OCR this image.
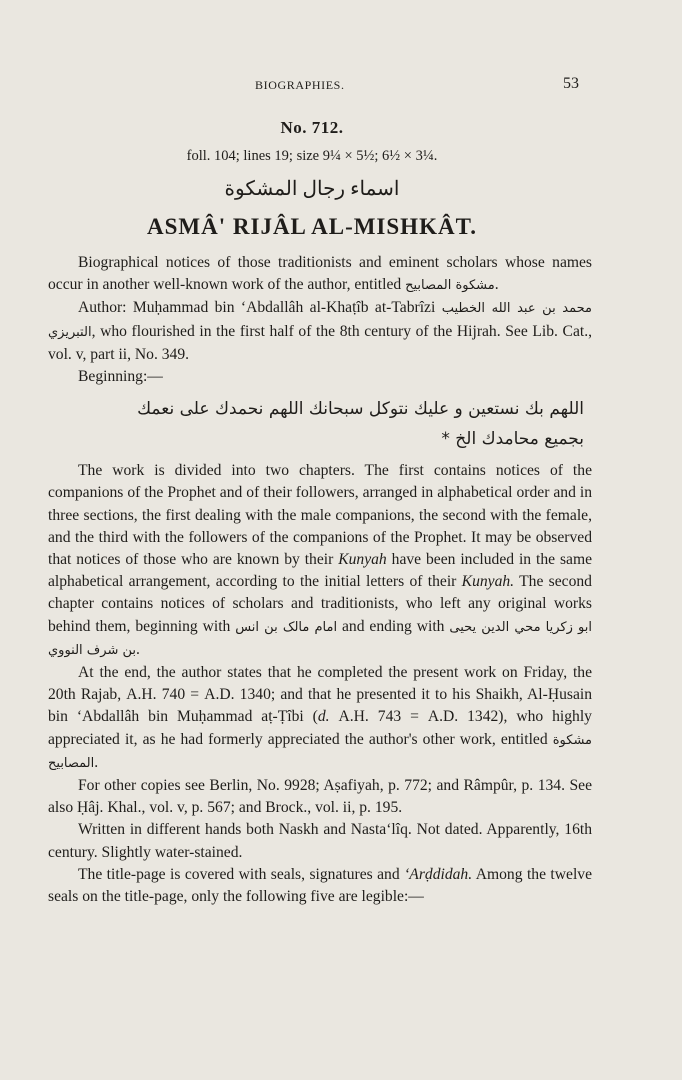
BIOGRAPHIES.	53
No. 712.
foll. 104; lines 19; size 9¼ × 5½; 6½ × 3¼.
اسماء رجال المشكوة
ASMÂ' RIJÂL AL-MISHKÂT.

Biographical notices of those traditionists and eminent scholars whose names occur in another well-known work of the author, entitled مشكوة المصابيح.

Author: Muḥammad bin ʻAbdallâh al-Khaṭîb at-Tabrîzi محمد بن عبد الله الخطيب التبريزي, who flourished in the first half of the 8th century of the Hijrah. See Lib. Cat., vol. v, part ii, No. 349.

Beginning:—

اللهم بك نستعين و عليك نتوكل سبحانك اللهم نحمدك على نعمك
بجميع محامدك الخ *

The work is divided into two chapters. The first contains notices of the companions of the Prophet and of their followers, arranged in alphabetical order and in three sections, the first dealing with the male companions, the second with the female, and the third with the followers of the companions of the Prophet. It may be observed that notices of those who are known by their Kunyah have been included in the same alphabetical arrangement, according to the initial letters of their Kunyah. The second chapter contains notices of scholars and traditionists, who left any original works behind them, beginning with امام مالک بن انس and ending with ابو زکریا محي الدين يحيى بن شرف النووي.

At the end, the author states that he completed the present work on Friday, the 20th Rajab, A.H. 740 = A.D. 1340; and that he presented it to his Shaikh, Al-Ḥusain bin ʻAbdallâh bin Muḥammad aṭ-Ṭîbi (d. A.H. 743 = A.D. 1342), who highly appreciated it, as he had formerly appreciated the author's other work, entitled مشكوة المصابيح.

For other copies see Berlin, No. 9928; Aṣafiyah, p. 772; and Râmpûr, p. 134. See also Ḥâj. Khal., vol. v, p. 567; and Brock., vol. ii, p. 195.

Written in different hands both Naskh and Nastaʻlîq. Not dated. Apparently, 16th century. Slightly water-stained.

The title-page is covered with seals, signatures and ʻArḍdidah. Among the twelve seals on the title-page, only the following five are legible:—
